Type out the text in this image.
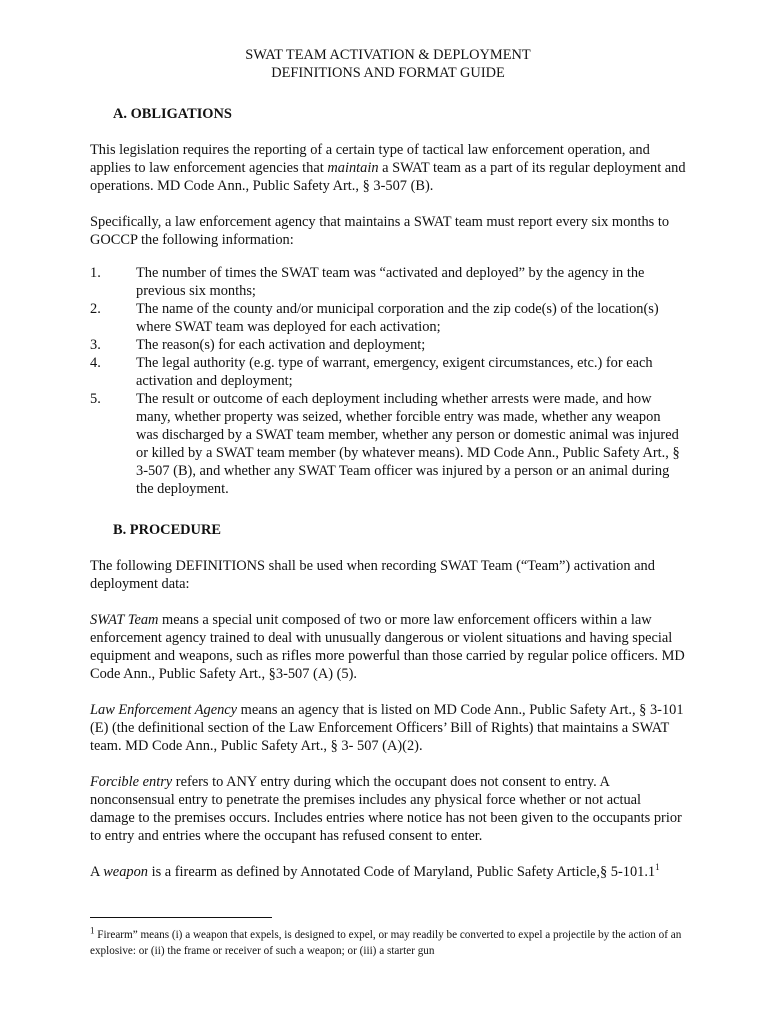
SWAT TEAM ACTIVATION & DEPLOYMENT
DEFINITIONS AND FORMAT GUIDE
A. OBLIGATIONS

This legislation requires the reporting of a certain type of tactical law enforcement operation, and applies to law enforcement agencies that maintain a SWAT team as a part of its regular deployment and operations. MD Code Ann., Public Safety Art., § 3-507 (B).

Specifically, a law enforcement agency that maintains a SWAT team must report every six months to GOCCP the following information:

1.	The number of times the SWAT team was “activated and deployed” by the agency in the previous six months;
2.	The name of the county and/or municipal corporation and the zip code(s) of the location(s) where SWAT team was deployed for each activation;
3.	The reason(s) for each activation and deployment;
4.	The legal authority (e.g. type of warrant, emergency, exigent circumstances, etc.) for each activation and deployment;
5.	The result or outcome of each deployment including whether arrests were made, and how many, whether property was seized, whether forcible entry was made, whether any weapon was discharged by a SWAT team member, whether any person or domestic animal was injured or killed by a SWAT team member (by whatever means). MD Code Ann., Public Safety Art., § 3-507 (B), and whether any SWAT Team officer was injured by a person or an animal during the deployment.
B. PROCEDURE

The following DEFINITIONS shall be used when recording SWAT Team (“Team”) activation and deployment data:

SWAT Team means a special unit composed of two or more law enforcement officers within a law enforcement agency trained to deal with unusually dangerous or violent situations and having special equipment and weapons, such as rifles more powerful than those carried by regular police officers. MD Code Ann., Public Safety Art., §3-507 (A) (5).

Law Enforcement Agency means an agency that is listed on MD Code Ann., Public Safety Art., § 3-101 (E) (the definitional section of the Law Enforcement Officers’ Bill of Rights) that maintains a SWAT team. MD Code Ann., Public Safety Art., § 3- 507 (A)(2).

Forcible entry refers to ANY entry during which the occupant does not consent to entry. A nonconsensual entry to penetrate the premises includes any physical force whether or not actual damage to the premises occurs. Includes entries where notice has not been given to the occupants prior to entry and entries where the occupant has refused consent to enter.

A weapon is a firearm as defined by Annotated Code of Maryland, Public Safety Article,§ 5-101.1$^1$

$^1$ Firearm” means (i) a weapon that expels, is designed to expel, or may readily be converted to expel a projectile by the action of an explosive: or (ii) the frame or receiver of such a weapon; or (iii) a starter gun
